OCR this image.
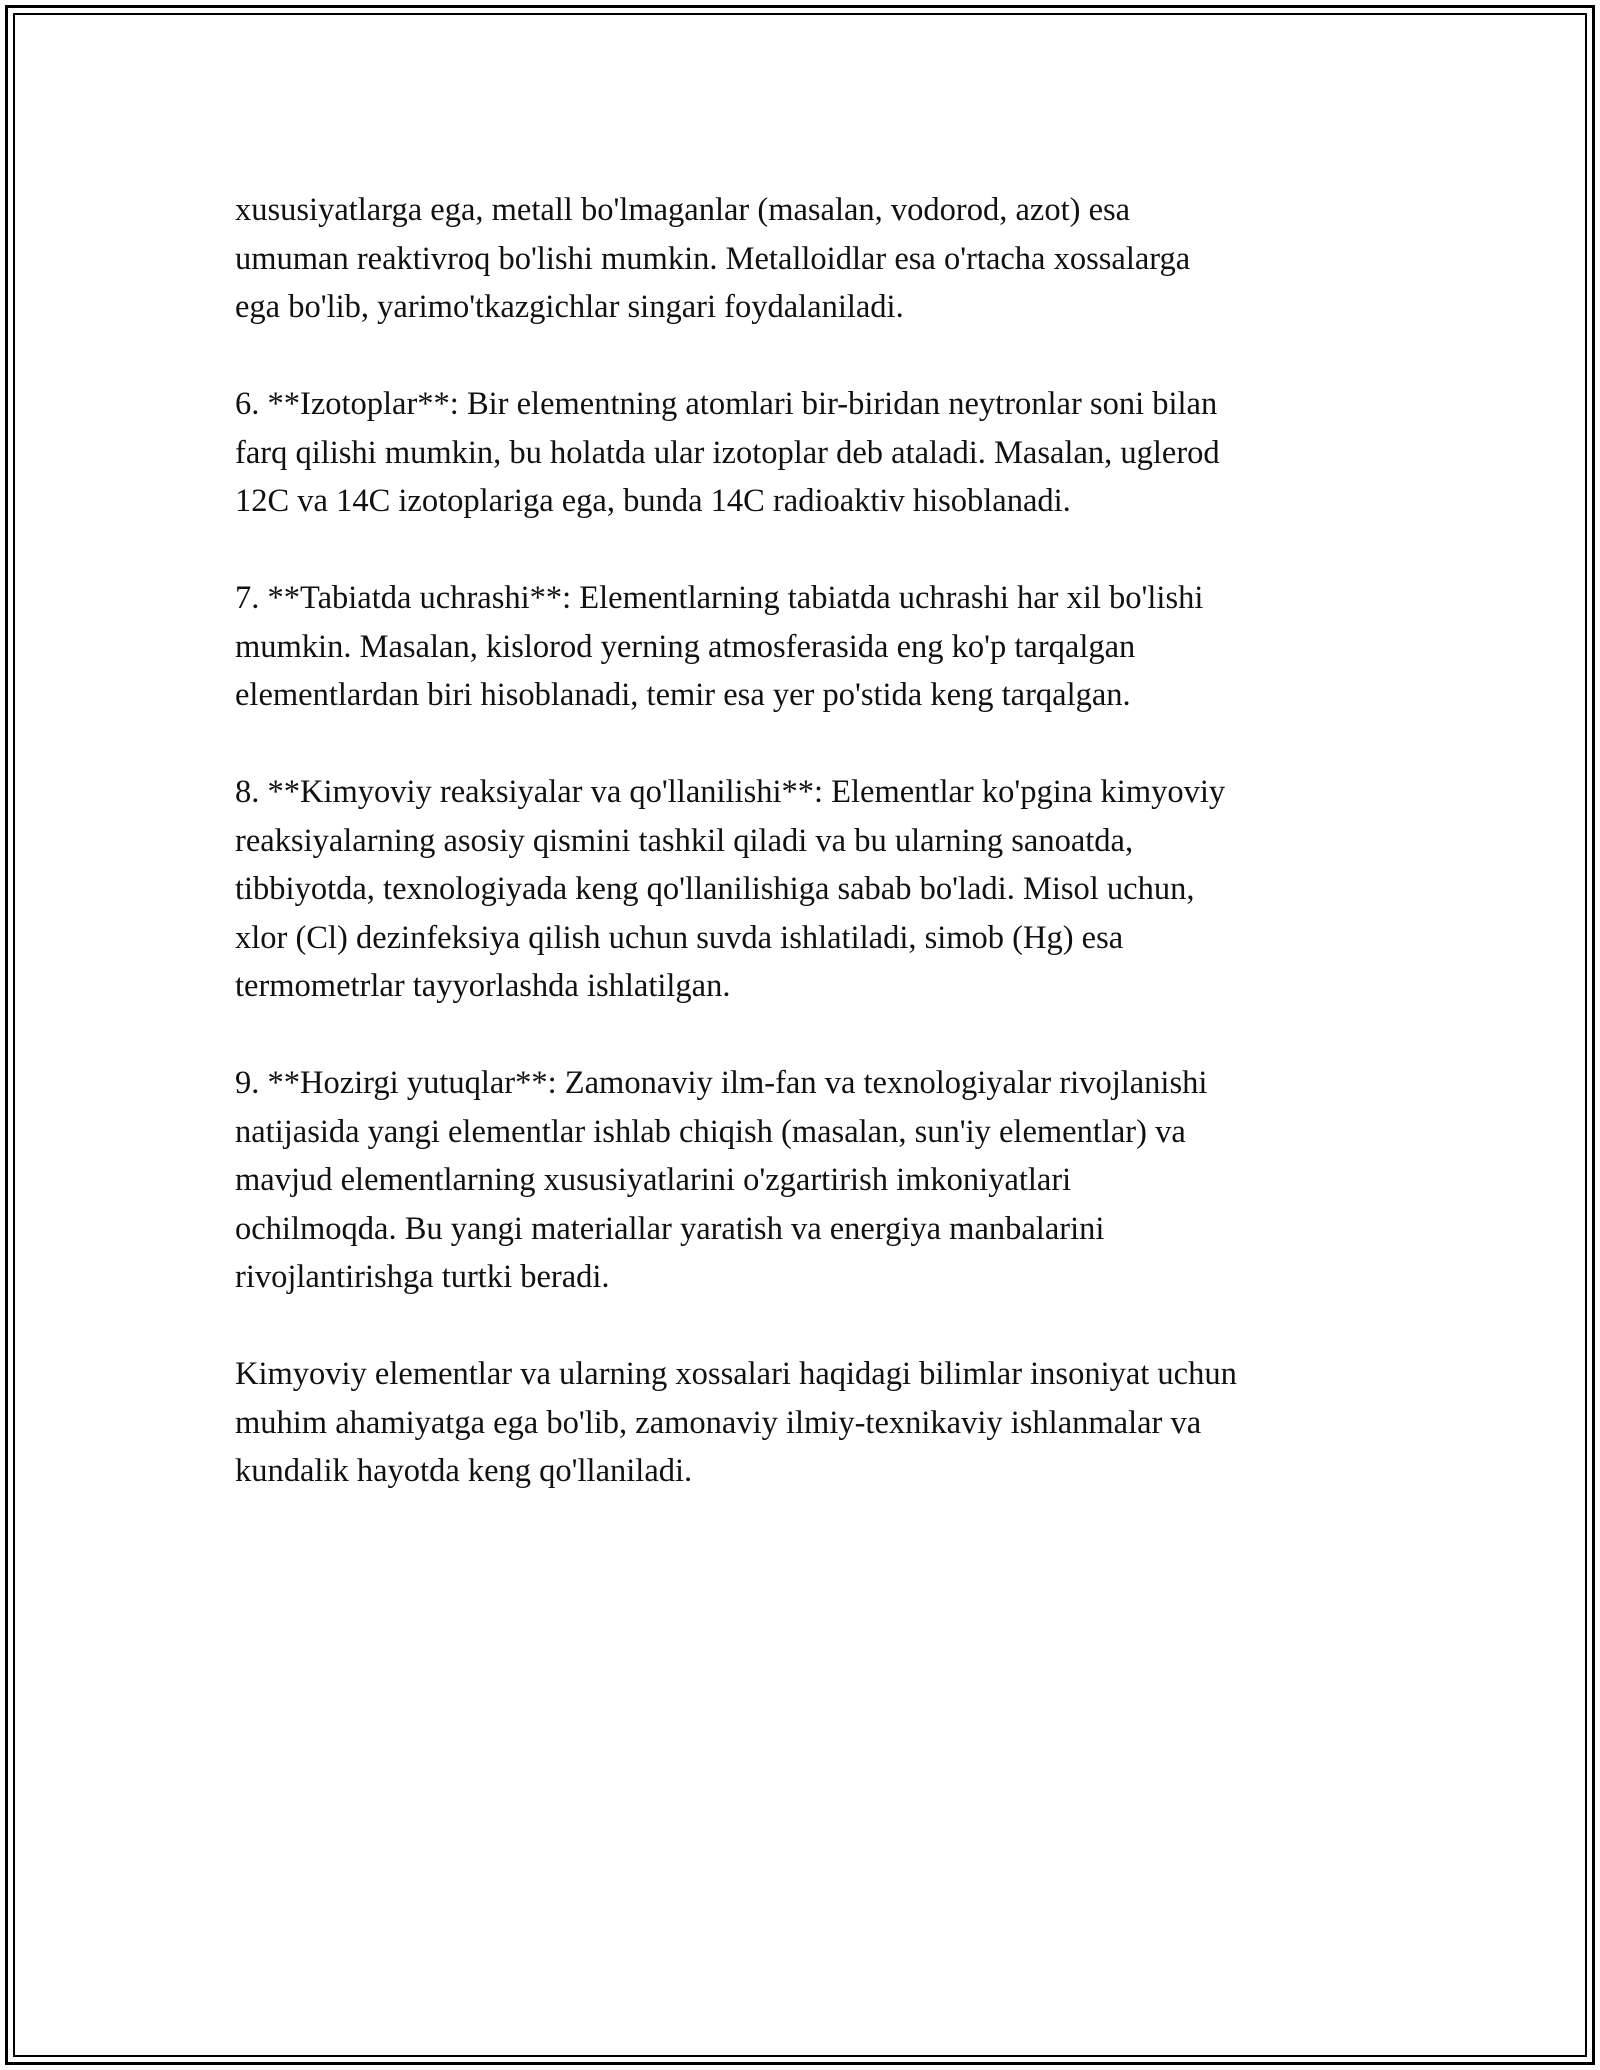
xususiyatlarga ega, metall bo'lmaganlar (masalan, vodorod, azot) esa
umuman reaktivroq bo'lishi mumkin. Metalloidlar esa o'rtacha xossalarga
ega bo'lib, yarimo'tkazgichlar singari foydalaniladi.

6. **Izotoplar**: Bir elementning atomlari bir-biridan neytronlar soni bilan
farq qilishi mumkin, bu holatda ular izotoplar deb ataladi. Masalan, uglerod
12C va 14C izotoplariga ega, bunda 14C radioaktiv hisoblanadi.

7. **Tabiatda uchrashi**: Elementlarning tabiatda uchrashi har xil bo'lishi
mumkin. Masalan, kislorod yerning atmosferasida eng ko'p tarqalgan
elementlardan biri hisoblanadi, temir esa yer po'stida keng tarqalgan.

8. **Kimyoviy reaksiyalar va qo'llanilishi**: Elementlar ko'pgina kimyoviy
reaksiyalarning asosiy qismini tashkil qiladi va bu ularning sanoatda,
tibbiyotda, texnologiyada keng qo'llanilishiga sabab bo'ladi. Misol uchun,
xlor (Cl) dezinfeksiya qilish uchun suvda ishlatiladi, simob (Hg) esa
termometrlar tayyorlashda ishlatilgan.

9. **Hozirgi yutuqlar**: Zamonaviy ilm-fan va texnologiyalar rivojlanishi
natijasida yangi elementlar ishlab chiqish (masalan, sun'iy elementlar) va
mavjud elementlarning xususiyatlarini o'zgartirish imkoniyatlari
ochilmoqda. Bu yangi materiallar yaratish va energiya manbalarini
rivojlantirishga turtki beradi.

Kimyoviy elementlar va ularning xossalari haqidagi bilimlar insoniyat uchun
muhim ahamiyatga ega bo'lib, zamonaviy ilmiy-texnikaviy ishlanmalar va
kundalik hayotda keng qo'llaniladi.
